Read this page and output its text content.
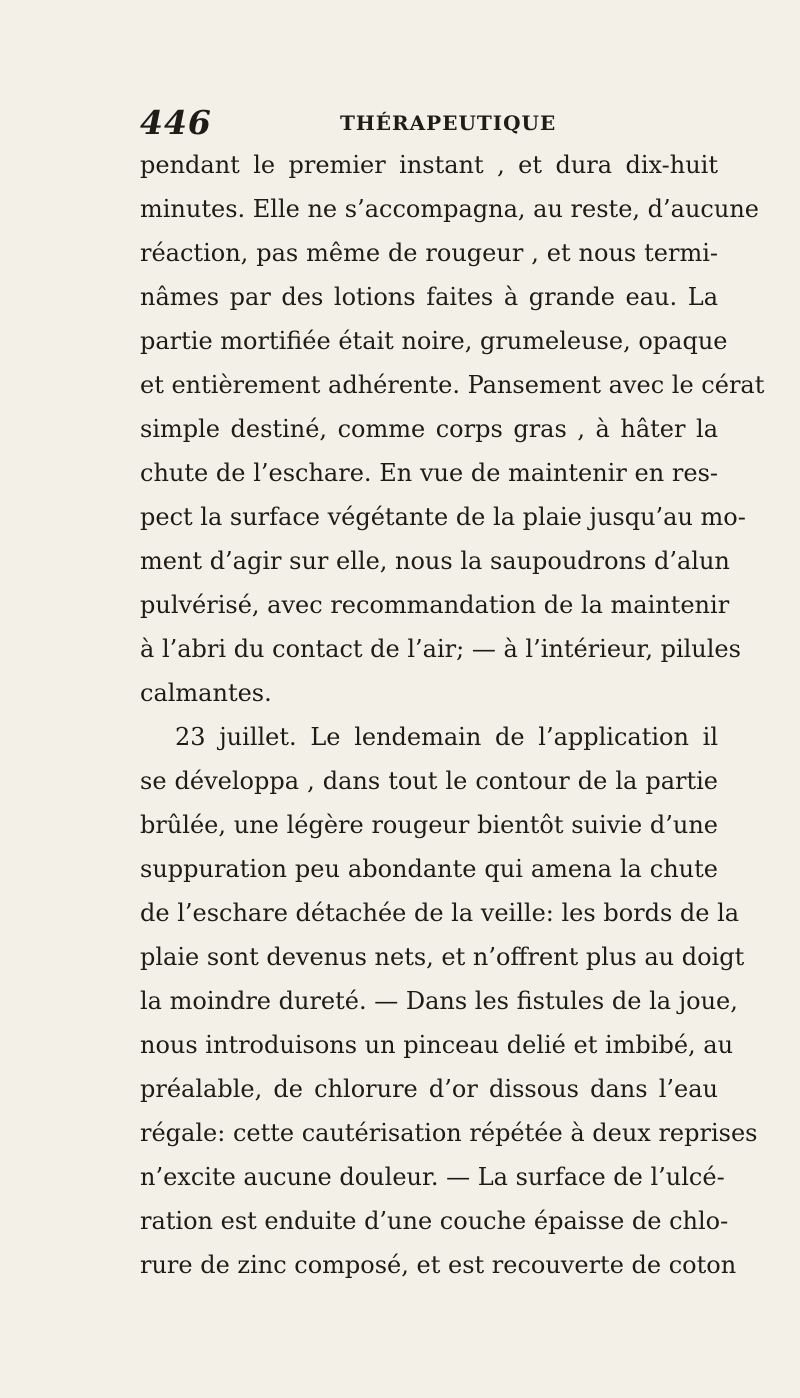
446	THÉRAPEUTIQUE
pendant le premier instant , et dura dix-huit
minutes. Elle ne s’accompagna, au reste, d’aucune
réaction, pas même de rougeur , et nous termi-
nâmes par des lotions faites à grande eau. La
partie mortifiée était noire, grumeleuse, opaque
et entièrement adhérente. Pansement avec le cérat
simple destiné, comme corps gras , à hâter la
chute de l’eschare. En vue de maintenir en res-
pect la surface végétante de la plaie jusqu’au mo-
ment d’agir sur elle, nous la saupoudrons d’alun
pulvérisé, avec recommandation de la maintenir
à l’abri du contact de l’air; — à l’intérieur, pilules
calmantes.
23 juillet. Le lendemain de l’application il
se développa , dans tout le contour de la partie
brûlée, une légère rougeur bientôt suivie d’une
suppuration peu abondante qui amena la chute
de l’eschare détachée de la veille: les bords de la
plaie sont devenus nets, et n’offrent plus au doigt
la moindre dureté. — Dans les fistules de la joue,
nous introduisons un pinceau delié et imbibé, au
préalable, de chlorure d’or dissous dans l’eau
régale: cette cautérisation répétée à deux reprises
n’excite aucune douleur. — La surface de l’ulcé-
ration est enduite d’une couche épaisse de chlo-
rure de zinc composé, et est recouverte de coton
